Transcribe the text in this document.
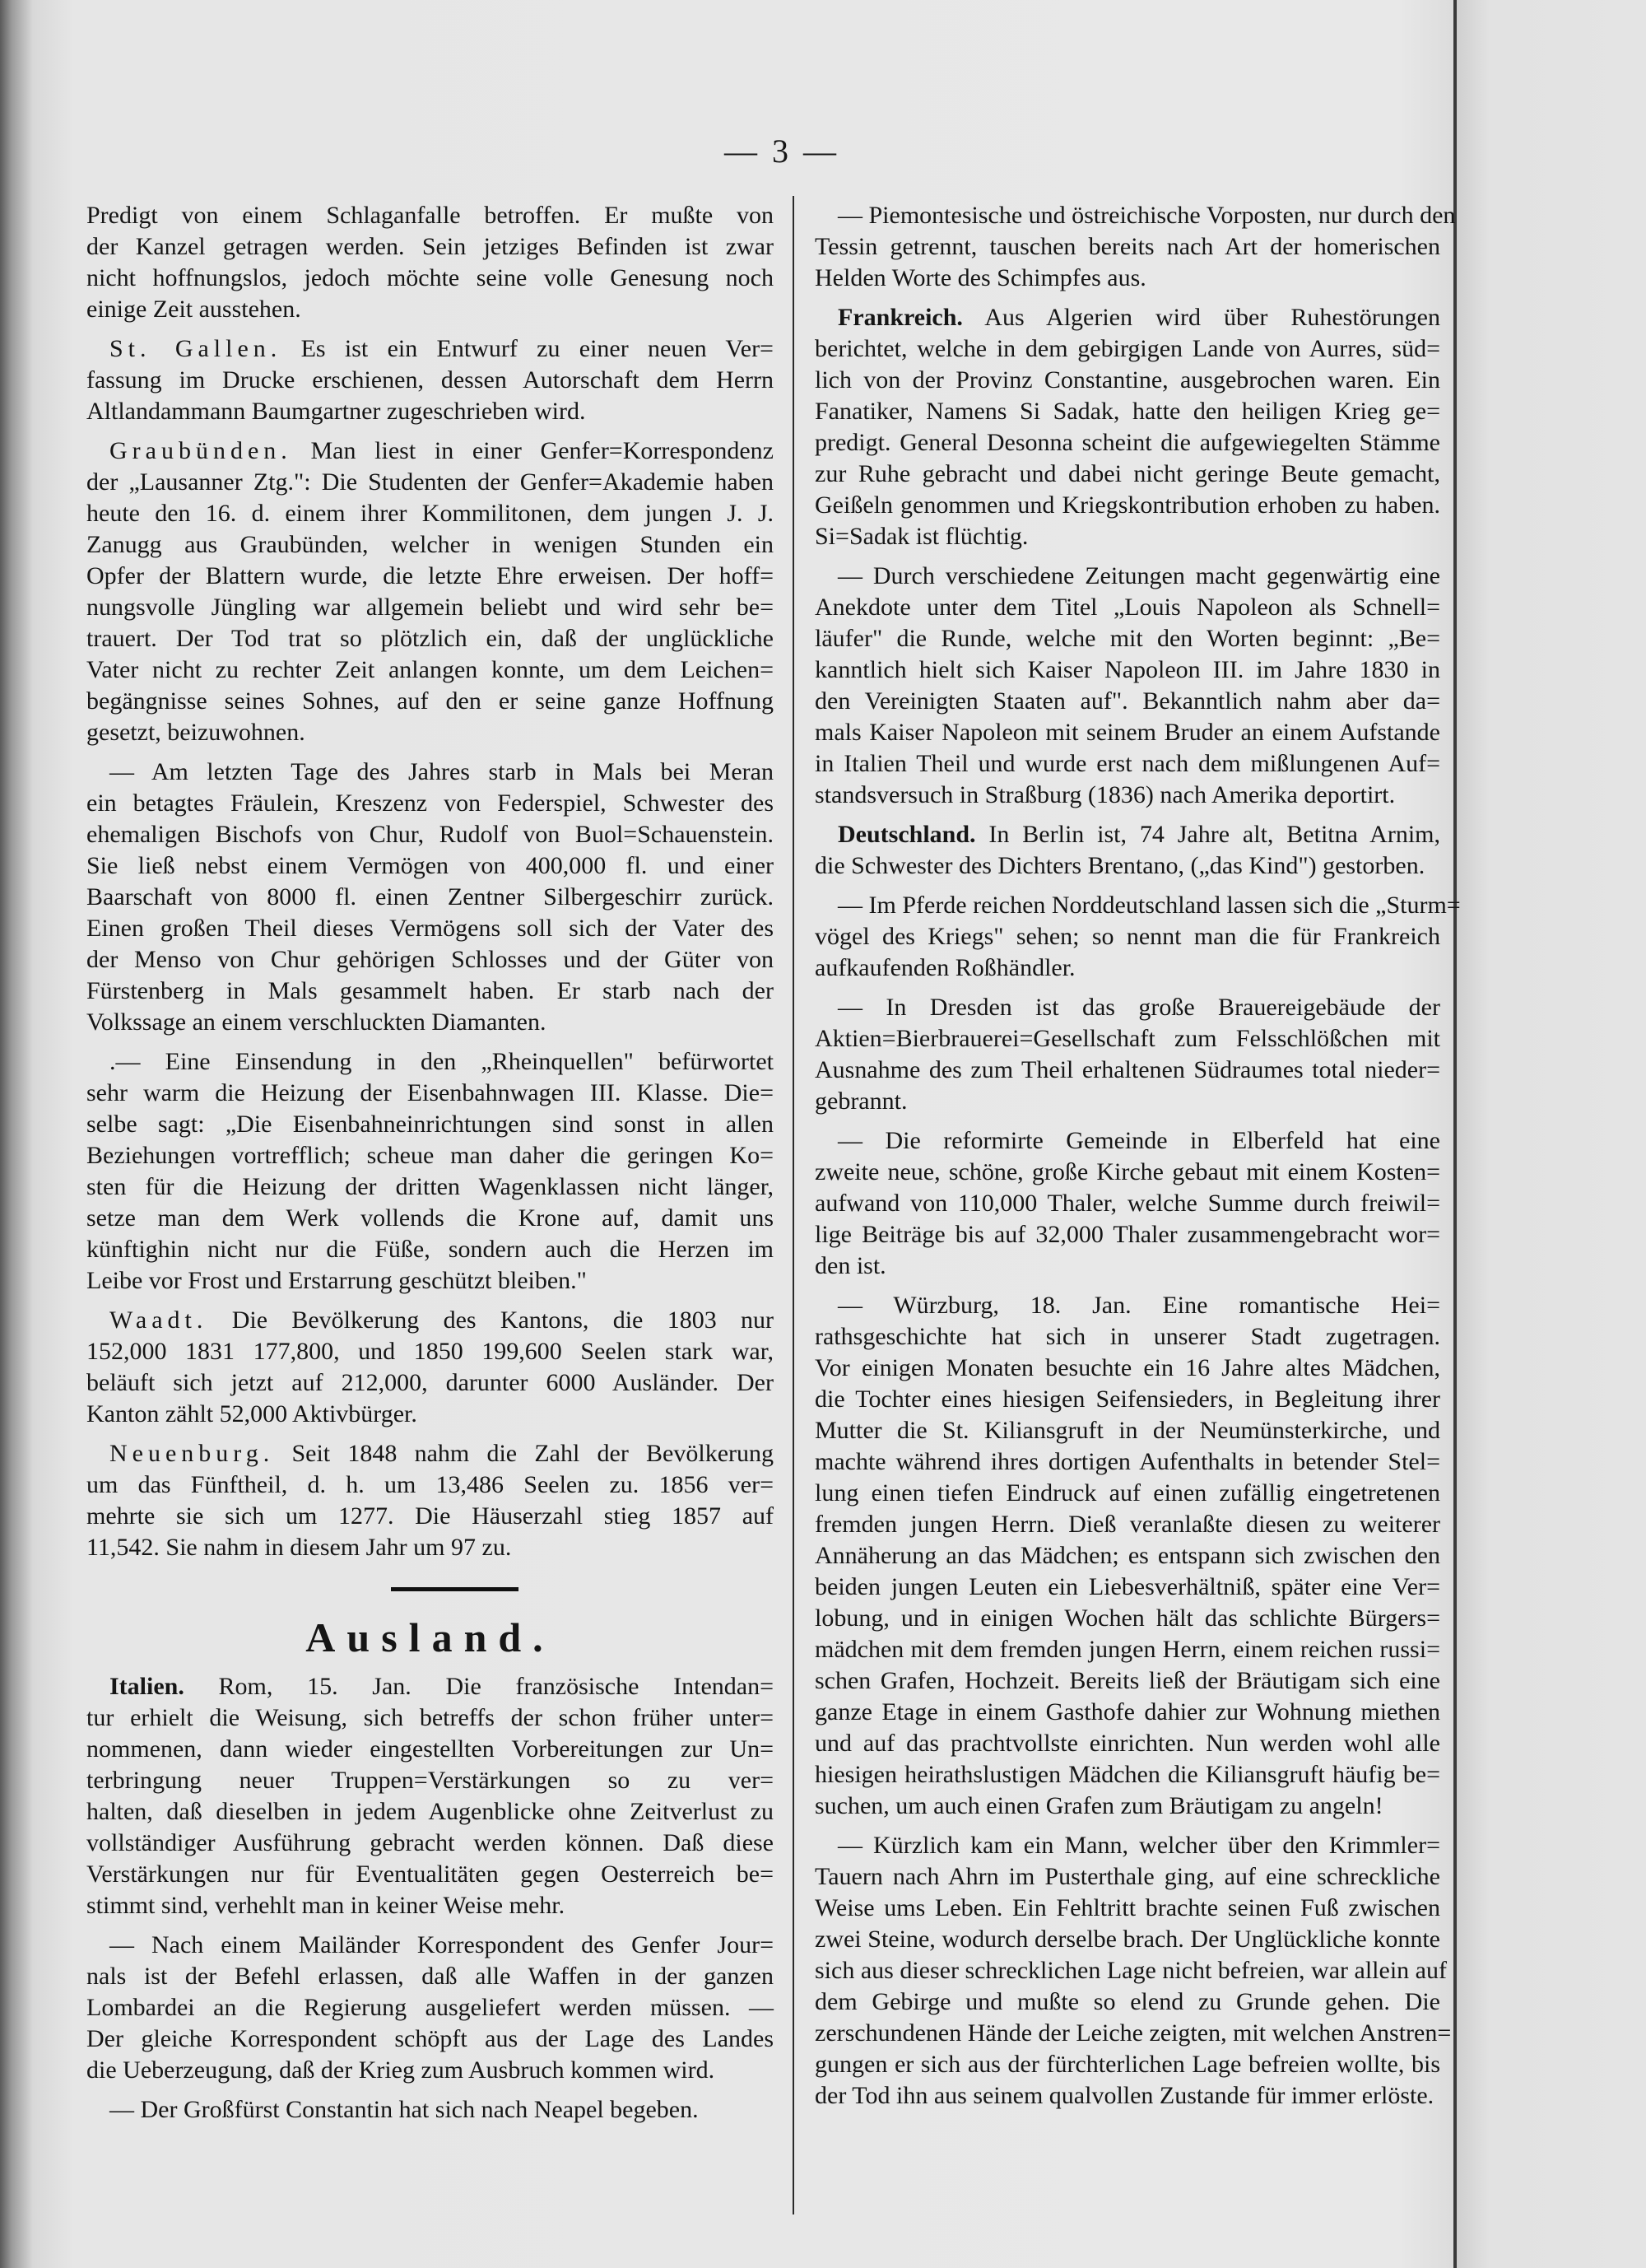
— 3 —
Predigt von einem Schlaganfalle betroffen. Er mußte von
der Kanzel getragen werden. Sein jetziges Befinden ist zwar
nicht hoffnungslos, jedoch möchte seine volle Genesung noch
einige Zeit ausstehen.
St. Gallen. Es ist ein Entwurf zu einer neuen Ver=
fassung im Drucke erschienen, dessen Autorschaft dem Herrn
Altlandammann Baumgartner zugeschrieben wird.
Graubünden. Man liest in einer Genfer=Korrespondenz
der „Lausanner Ztg.": Die Studenten der Genfer=Akademie haben
heute den 16. d. einem ihrer Kommilitonen, dem jungen J. J.
Zanugg aus Graubünden, welcher in wenigen Stunden ein
Opfer der Blattern wurde, die letzte Ehre erweisen. Der hoff=
nungsvolle Jüngling war allgemein beliebt und wird sehr be=
trauert. Der Tod trat so plötzlich ein, daß der unglückliche
Vater nicht zu rechter Zeit anlangen konnte, um dem Leichen=
begängnisse seines Sohnes, auf den er seine ganze Hoffnung
gesetzt, beizuwohnen.
— Am letzten Tage des Jahres starb in Mals bei Meran
ein betagtes Fräulein, Kreszenz von Federspiel, Schwester des
ehemaligen Bischofs von Chur, Rudolf von Buol=Schauenstein.
Sie ließ nebst einem Vermögen von 400,000 fl. und einer
Baarschaft von 8000 fl. einen Zentner Silbergeschirr zurück.
Einen großen Theil dieses Vermögens soll sich der Vater des
der Menso von Chur gehörigen Schlosses und der Güter von
Fürstenberg in Mals gesammelt haben. Er starb nach der
Volkssage an einem verschluckten Diamanten.
.— Eine Einsendung in den „Rheinquellen" befürwortet
sehr warm die Heizung der Eisenbahnwagen III. Klasse. Die=
selbe sagt: „Die Eisenbahneinrichtungen sind sonst in allen
Beziehungen vortrefflich; scheue man daher die geringen Ko=
sten für die Heizung der dritten Wagenklassen nicht länger,
setze man dem Werk vollends die Krone auf, damit uns
künftighin nicht nur die Füße, sondern auch die Herzen im
Leibe vor Frost und Erstarrung geschützt bleiben."
Waadt. Die Bevölkerung des Kantons, die 1803 nur
152,000 1831 177,800, und 1850 199,600 Seelen stark war,
beläuft sich jetzt auf 212,000, darunter 6000 Ausländer. Der
Kanton zählt 52,000 Aktivbürger.
Neuenburg. Seit 1848 nahm die Zahl der Bevölkerung
um das Fünftheil, d. h. um 13,486 Seelen zu. 1856 ver=
mehrte sie sich um 1277. Die Häuserzahl stieg 1857 auf
11,542. Sie nahm in diesem Jahr um 97 zu.
Ausland.
Italien. Rom, 15. Jan. Die französische Intendan=
tur erhielt die Weisung, sich betreffs der schon früher unter=
nommenen, dann wieder eingestellten Vorbereitungen zur Un=
terbringung neuer Truppen=Verstärkungen so zu ver=
halten, daß dieselben in jedem Augenblicke ohne Zeitverlust zu
vollständiger Ausführung gebracht werden können. Daß diese
Verstärkungen nur für Eventualitäten gegen Oesterreich be=
stimmt sind, verhehlt man in keiner Weise mehr.
— Nach einem Mailänder Korrespondent des Genfer Jour=
nals ist der Befehl erlassen, daß alle Waffen in der ganzen
Lombardei an die Regierung ausgeliefert werden müssen. —
Der gleiche Korrespondent schöpft aus der Lage des Landes
die Ueberzeugung, daß der Krieg zum Ausbruch kommen wird.
— Der Großfürst Constantin hat sich nach Neapel begeben.
— Piemontesische und östreichische Vorposten, nur durch den
Tessin getrennt, tauschen bereits nach Art der homerischen
Helden Worte des Schimpfes aus.
Frankreich. Aus Algerien wird über Ruhestörungen
berichtet, welche in dem gebirgigen Lande von Aurres, süd=
lich von der Provinz Constantine, ausgebrochen waren. Ein
Fanatiker, Namens Si Sadak, hatte den heiligen Krieg ge=
predigt. General Desonna scheint die aufgewiegelten Stämme
zur Ruhe gebracht und dabei nicht geringe Beute gemacht,
Geißeln genommen und Kriegskontribution erhoben zu haben.
Si=Sadak ist flüchtig.
— Durch verschiedene Zeitungen macht gegenwärtig eine
Anekdote unter dem Titel „Louis Napoleon als Schnell=
läufer" die Runde, welche mit den Worten beginnt: „Be=
kanntlich hielt sich Kaiser Napoleon III. im Jahre 1830 in
den Vereinigten Staaten auf". Bekanntlich nahm aber da=
mals Kaiser Napoleon mit seinem Bruder an einem Aufstande
in Italien Theil und wurde erst nach dem mißlungenen Auf=
standsversuch in Straßburg (1836) nach Amerika deportirt.
Deutschland. In Berlin ist, 74 Jahre alt, Betitna Arnim,
die Schwester des Dichters Brentano, („das Kind") gestorben.
— Im Pferde reichen Norddeutschland lassen sich die „Sturm=
vögel des Kriegs" sehen; so nennt man die für Frankreich
aufkaufenden Roßhändler.
— In Dresden ist das große Brauereigebäude der
Aktien=Bierbrauerei=Gesellschaft zum Felsschlößchen mit
Ausnahme des zum Theil erhaltenen Südraumes total nieder=
gebrannt.
— Die reformirte Gemeinde in Elberfeld hat eine
zweite neue, schöne, große Kirche gebaut mit einem Kosten=
aufwand von 110,000 Thaler, welche Summe durch freiwil=
lige Beiträge bis auf 32,000 Thaler zusammengebracht wor=
den ist.
— Würzburg, 18. Jan. Eine romantische Hei=
rathsgeschichte hat sich in unserer Stadt zugetragen.
Vor einigen Monaten besuchte ein 16 Jahre altes Mädchen,
die Tochter eines hiesigen Seifensieders, in Begleitung ihrer
Mutter die St. Kiliansgruft in der Neumünsterkirche, und
machte während ihres dortigen Aufenthalts in betender Stel=
lung einen tiefen Eindruck auf einen zufällig eingetretenen
fremden jungen Herrn. Dieß veranlaßte diesen zu weiterer
Annäherung an das Mädchen; es entspann sich zwischen den
beiden jungen Leuten ein Liebesverhältniß, später eine Ver=
lobung, und in einigen Wochen hält das schlichte Bürgers=
mädchen mit dem fremden jungen Herrn, einem reichen russi=
schen Grafen, Hochzeit. Bereits ließ der Bräutigam sich eine
ganze Etage in einem Gasthofe dahier zur Wohnung miethen
und auf das prachtvollste einrichten. Nun werden wohl alle
hiesigen heirathslustigen Mädchen die Kiliansgruft häufig be=
suchen, um auch einen Grafen zum Bräutigam zu angeln!
— Kürzlich kam ein Mann, welcher über den Krimmler=
Tauern nach Ahrn im Pusterthale ging, auf eine schreckliche
Weise ums Leben. Ein Fehltritt brachte seinen Fuß zwischen
zwei Steine, wodurch derselbe brach. Der Unglückliche konnte
sich aus dieser schrecklichen Lage nicht befreien, war allein auf
dem Gebirge und mußte so elend zu Grunde gehen. Die
zerschundenen Hände der Leiche zeigten, mit welchen Anstren=
gungen er sich aus der fürchterlichen Lage befreien wollte, bis
der Tod ihn aus seinem qualvollen Zustande für immer erlöste.
